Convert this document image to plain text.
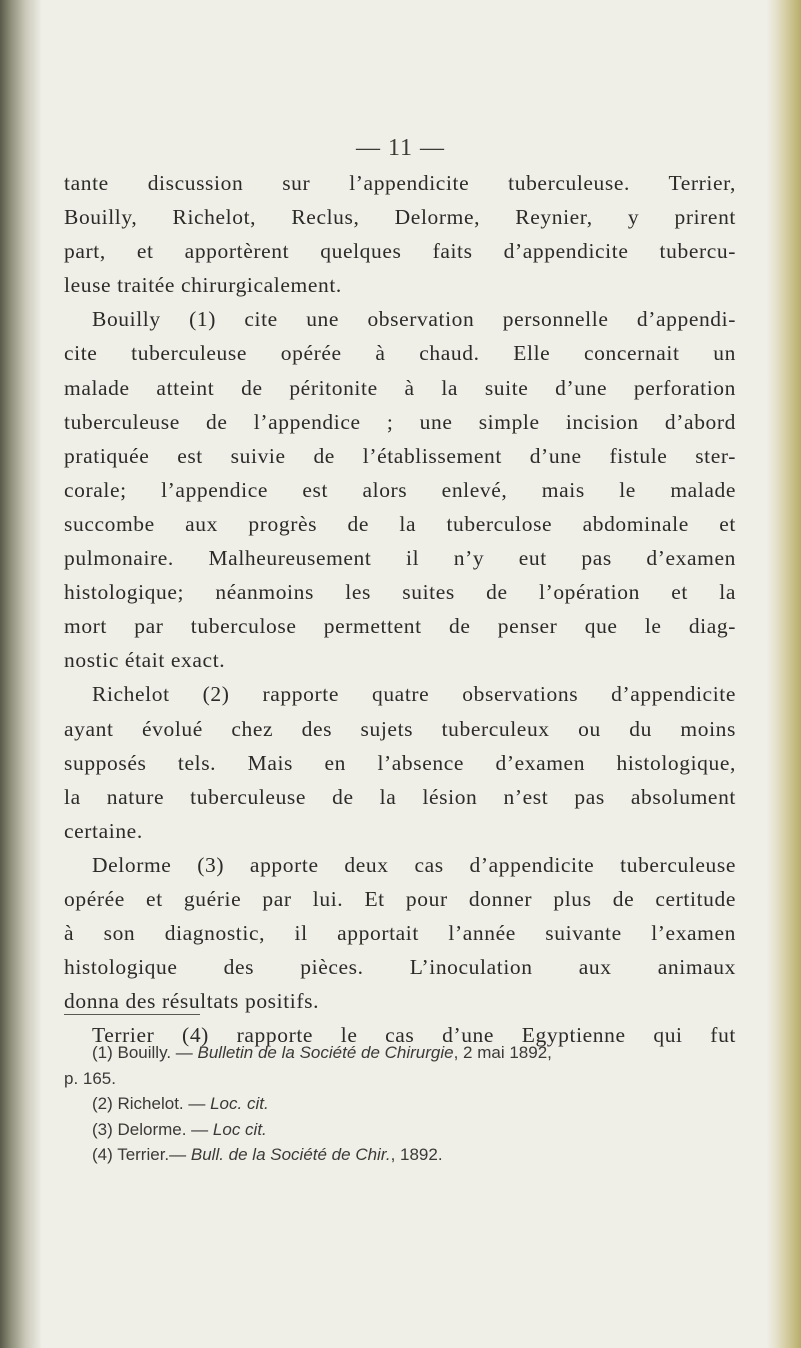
— 11 —
tante discussion sur l’appendicite tuberculeuse. Terrier,
Bouilly, Richelot, Reclus, Delorme, Reynier, y prirent
part, et apportèrent quelques faits d’appendicite tubercu-
leuse traitée chirurgicalement.
Bouilly (1) cite une observation personnelle d’appendi-
cite tuberculeuse opérée à chaud. Elle concernait un
malade atteint de péritonite à la suite d’une perforation
tuberculeuse de l’appendice ; une simple incision d’abord
pratiquée est suivie de l’établissement d’une fistule ster-
corale; l’appendice est alors enlevé, mais le malade
succombe aux progrès de la tuberculose abdominale et
pulmonaire. Malheureusement il n’y eut pas d’examen
histologique; néanmoins les suites de l’opération et la
mort par tuberculose permettent de penser que le diag-
nostic était exact.
Richelot (2) rapporte quatre observations d’appendicite
ayant évolué chez des sujets tuberculeux ou du moins
supposés tels. Mais en l’absence d’examen histologique,
la nature tuberculeuse de la lésion n’est pas absolument
certaine.
Delorme (3) apporte deux cas d’appendicite tuberculeuse
opérée et guérie par lui. Et pour donner plus de certitude
à son diagnostic, il apportait l’année suivante l’examen
histologique des pièces. L’inoculation aux animaux
donna des résultats positifs.
Terrier (4) rapporte le cas d’une Egyptienne qui fut
(1) Bouilly. — Bulletin de la Société de Chirurgie, 2 mai 1892,
p. 165.
(2) Richelot. — Loc. cit.
(3) Delorme. — Loc cit.
(4) Terrier.— Bull. de la Société de Chir., 1892.
